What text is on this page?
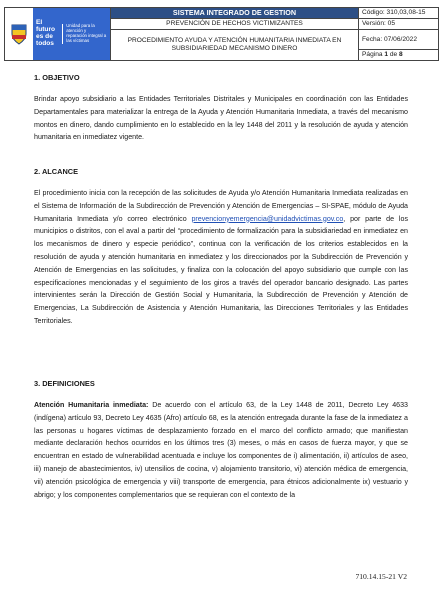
El futuro es de todos
Unidad para la atención y reparación integral a las víctimas	SISTEMA INTEGRADO DE GESTION	Código: 310,03,08-15
	PREVENCIÓN DE HECHOS VICTIMIZANTES	Versión: 05
	PROCEDIMIENTO AYUDA Y ATENCIÓN HUMANITARIA INMEDIATA EN SUBSIDIARIEDAD MECANISMO DINERO	Fecha: 07/06/2022
		Página 1 de 8
1. OBJETIVO

Brindar apoyo subsidiario a las Entidades Territoriales Distritales y Municipales en coordinación con las Entidades Departamentales para materializar la entrega de la Ayuda y Atención Humanitaria Inmediata, a través del mecanismo montos en dinero, dando cumplimiento en lo establecido en la ley 1448 del 2011 y la resolución de ayuda y atención humanitaria en inmediatez vigente.

2. ALCANCE

El procedimiento inicia con la recepción de las solicitudes de Ayuda y/o Atención Humanitaria Inmediata realizadas en el Sistema de Información de la Subdirección de Prevención y Atención de Emergencias – SI-SPAE, módulo de Ayuda Humanitaria Inmediata y/o correo electrónico prevencionyemergencia@unidadvictimas.gov.co, por parte de los municipios o distritos, con el aval a partir del “procedimiento de formalización para la subsidiariedad en inmediatez en los mecanismos de dinero y especie periódico”, continua con la verificación de los criterios establecidos en la resolución de ayuda y atención humanitaria en inmediatez y los direccionados por la Subdirección de Prevención y Atención de Emergencias en las solicitudes, y finaliza con la colocación del apoyo subsidiario que cumple con las especificaciones mencionadas y el seguimiento de los giros a través del operador bancario designado. Las partes intervinientes serán la Dirección de Gestión Social y Humanitaria, la Subdirección de Prevención y Atención de Emergencias, La Subdirección de Asistencia y Atención Humanitaria, las Direcciones Territoriales y las Entidades Territoriales.

3. DEFINICIONES

Atención Humanitaria inmediata: De acuerdo con el artículo 63, de la Ley 1448 de 2011, Decreto Ley 4633 (indígena) artículo 93, Decreto Ley 4635 (Afro) artículo 68, es la atención entregada durante la fase de la inmediatez a las personas u hogares víctimas de desplazamiento forzado en el marco del conflicto armado; que manifiestan mediante declaración hechos ocurridos en los últimos tres (3) meses, o más en casos de fuerza mayor, y que se encuentran en estado de vulnerabilidad acentuada e incluye los componentes de i) alimentación, ii) artículos de aseo, iii) manejo de abastecimientos, iv) utensilios de cocina, v) alojamiento transitorio, vi) atención médica de emergencia, vii) atención psicológica de emergencia y viii) transporte de emergencia, para étnicos adicionalmente ix) vestuario y abrigo; y los componentes complementarios que se requieran con el contexto de la

710.14.15-21 V2
